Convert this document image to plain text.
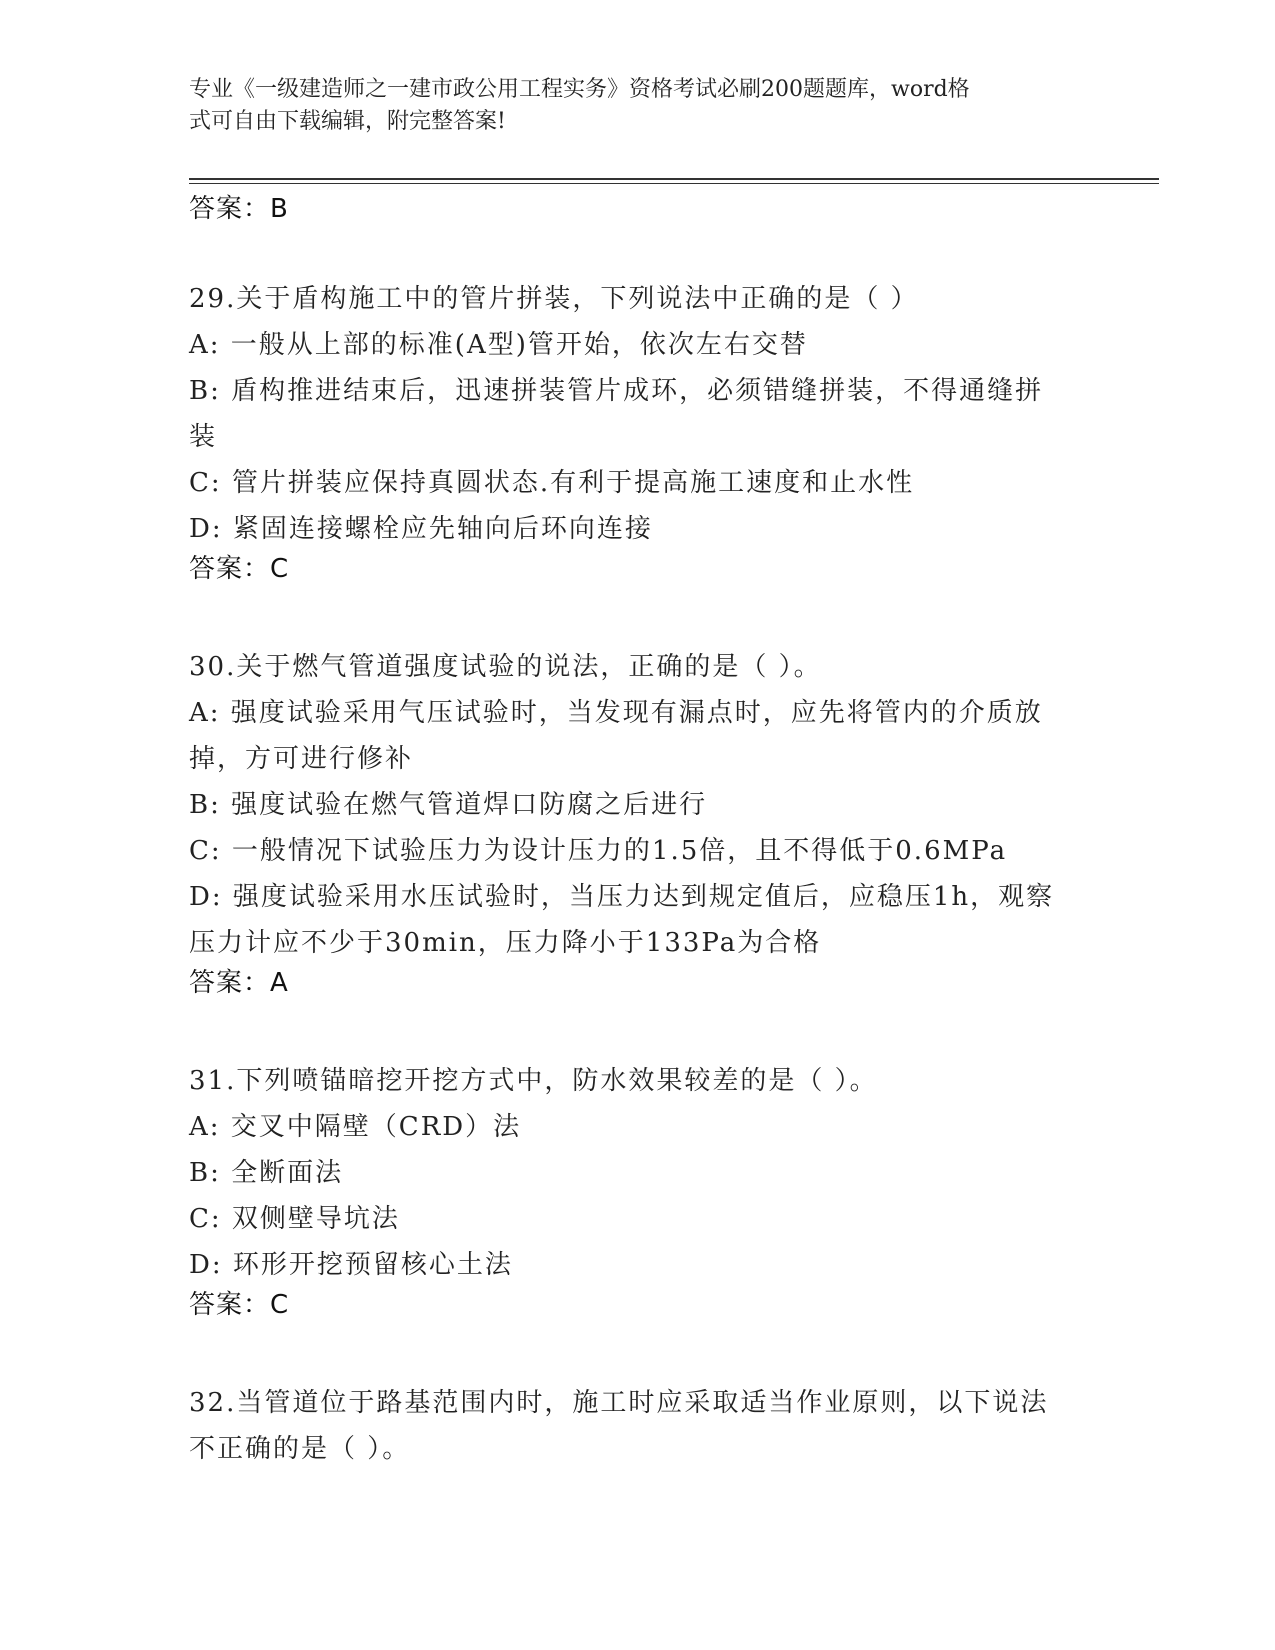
专业《一级建造师之一建市政公用工程实务》资格考试必刷200题题库，word格
式可自由下载编辑，附完整答案!
答案：B
29.关于盾构施工中的管片拼装，下列说法中正确的是（ ）
A: 一般从上部的标准(A型)管开始，依次左右交替
B: 盾构推进结束后，迅速拼装管片成环，必须错缝拼装，不得通缝拼
装
C: 管片拼装应保持真圆状态.有利于提高施工速度和止水性
D: 紧固连接螺栓应先轴向后环向连接
答案：C
30.关于燃气管道强度试验的说法，正确的是（ ）。
A: 强度试验采用气压试验时，当发现有漏点时，应先将管内的介质放
掉，方可进行修补
B: 强度试验在燃气管道焊口防腐之后进行
C: 一般情况下试验压力为设计压力的1.5倍，且不得低于0.6MPa
D: 强度试验采用水压试验时，当压力达到规定值后，应稳压1h，观察
压力计应不少于30min，压力降小于133Pa为合格
答案：A
31.下列喷锚暗挖开挖方式中，防水效果较差的是（ ）。
A: 交叉中隔壁（CRD）法
B: 全断面法
C: 双侧壁导坑法
D: 环形开挖预留核心土法
答案：C
32.当管道位于路基范围内时，施工时应采取适当作业原则，以下说法
不正确的是（ ）。
